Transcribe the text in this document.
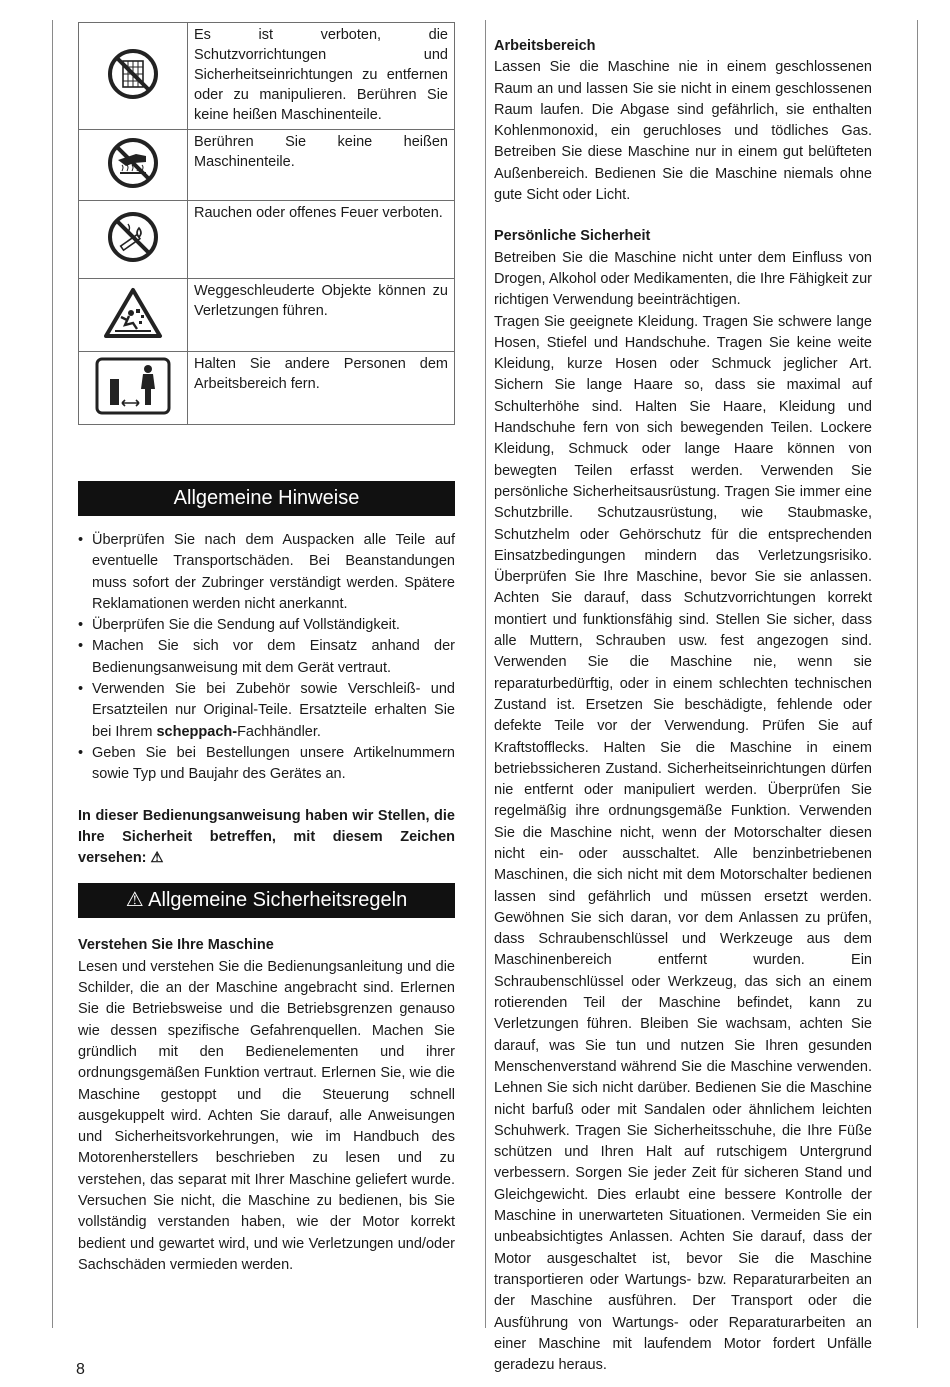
	Es ist verboten, die Schutzvorrichtungen und Sicherheitseinrichtungen zu entfernen oder zu manipulieren. Berühren Sie keine heißen Maschinenteile.
	Berühren Sie keine heißen Maschinenteile.
	Rauchen oder offenes Feuer verboten.
	Weggeschleuderte Objekte können zu Verletzungen führen.
	Halten Sie andere Personen dem Arbeitsbereich fern.
Allgemeine Hinweise
• Überprüfen Sie nach dem Auspacken alle Teile auf eventuelle Transportschäden. Bei Beanstandungen muss sofort der Zubringer verständigt werden. Spätere Reklamationen werden nicht anerkannt.
• Überprüfen Sie die Sendung auf Vollständigkeit.
• Machen Sie sich vor dem Einsatz anhand der Bedienungsanweisung mit dem Gerät vertraut.
• Verwenden Sie bei Zubehör sowie Verschleiß- und Ersatzteilen nur Original-Teile. Ersatzteile erhalten Sie bei Ihrem scheppach-Fachhändler.
• Geben Sie bei Bestellungen unsere Artikelnummern sowie Typ und Baujahr des Gerätes an.
In dieser Bedienungsanweisung haben wir Stellen, die Ihre Sicherheit betreffen, mit diesem Zeichen versehen: ⚠
⚠ Allgemeine Sicherheitsregeln
Verstehen Sie Ihre Maschine

Lesen und verstehen Sie die Bedienungsanleitung und die Schilder, die an der Maschine angebracht sind. Erlernen Sie die Betriebsweise und die Betriebsgrenzen genauso wie dessen spezifische Gefahrenquellen. Machen Sie gründlich mit den Bedienelementen und ihrer ordnungsgemäßen Funktion vertraut. Erlernen Sie, wie die Maschine gestoppt und die Steuerung schnell ausgekuppelt wird. Achten Sie darauf, alle Anweisungen und Sicherheitsvorkehrungen, wie im Handbuch des Motorenherstellers beschrieben zu lesen und zu verstehen, das separat mit Ihrer Maschine geliefert wurde. Versuchen Sie nicht, die Maschine zu bedienen, bis Sie vollständig verstanden haben, wie der Motor korrekt bedient und gewartet wird, und wie Verletzungen und/oder Sachschäden vermieden werden.

Arbeitsbereich

Lassen Sie die Maschine nie in einem geschlossenen Raum an und lassen Sie sie nicht in einem geschlossenen Raum laufen. Die Abgase sind gefährlich, sie enthalten Kohlenmonoxid, ein geruchloses und tödliches Gas. Betreiben Sie diese Maschine nur in einem gut belüfteten Außenbereich. Bedienen Sie die Maschine niemals ohne gute Sicht oder Licht.

Persönliche Sicherheit

Betreiben Sie die Maschine nicht unter dem Einfluss von Drogen, Alkohol oder Medikamenten, die Ihre Fähigkeit zur richtigen Verwendung beeinträchtigen.

Tragen Sie geeignete Kleidung. Tragen Sie schwere lange Hosen, Stiefel und Handschuhe. Tragen Sie keine weite Kleidung, kurze Hosen oder Schmuck jeglicher Art. Sichern Sie lange Haare so, dass sie maximal auf Schulterhöhe sind. Halten Sie Haare, Kleidung und Handschuhe fern von sich bewegenden Teilen. Lockere Kleidung, Schmuck oder lange Haare können von bewegten Teilen erfasst werden. Verwenden Sie persönliche Sicherheitsausrüstung. Tragen Sie immer eine Schutzbrille. Schutzausrüstung, wie Staubmaske, Schutzhelm oder Gehörschutz für die entsprechenden Einsatzbedingungen mindern das Verletzungsrisiko. Überprüfen Sie Ihre Maschine, bevor Sie sie anlassen. Achten Sie darauf, dass Schutzvorrichtungen korrekt montiert und funktionsfähig sind. Stellen Sie sicher, dass alle Muttern, Schrauben usw. fest angezogen sind. Verwenden Sie die Maschine nie, wenn sie reparaturbedürftig, oder in einem schlechten technischen Zustand ist. Ersetzen Sie beschädigte, fehlende oder defekte Teile vor der Verwendung. Prüfen Sie auf Kraftstofflecks. Halten Sie die Maschine in einem betriebssicheren Zustand. Sicherheitseinrichtungen dürfen nie entfernt oder manipuliert werden. Überprüfen Sie regelmäßig ihre ordnungsgemäße Funktion. Verwenden Sie die Maschine nicht, wenn der Motorschalter diesen nicht ein- oder ausschaltet. Alle benzinbetriebenen Maschinen, die sich nicht mit dem Motorschalter bedienen lassen sind gefährlich und müssen ersetzt werden. Gewöhnen Sie sich daran, vor dem Anlassen zu prüfen, dass Schraubenschlüssel und Werkzeuge aus dem Maschinenbereich entfernt wurden. Ein Schraubenschlüssel oder Werkzeug, das sich an einem rotierenden Teil der Maschine befindet, kann zu Verletzungen führen. Bleiben Sie wachsam, achten Sie darauf, was Sie tun und nutzen Sie Ihren gesunden Menschenverstand während Sie die Maschine verwenden. Lehnen Sie sich nicht darüber. Bedienen Sie die Maschine nicht barfuß oder mit Sandalen oder ähnlichem leichten Schuhwerk. Tragen Sie Sicherheitsschuhe, die Ihre Füße schützen und Ihren Halt auf rutschigem Untergrund verbessern. Sorgen Sie jeder Zeit für sicheren Stand und Gleichgewicht. Dies erlaubt eine bessere Kontrolle der Maschine in unerwarteten Situationen. Vermeiden Sie ein unbeabsichtigtes Anlassen. Achten Sie darauf, dass der Motor ausgeschaltet ist, bevor Sie die Maschine transportieren oder Wartungs- bzw. Reparaturarbeiten an der Maschine ausführen. Der Transport oder die Ausführung von Wartungs- oder Reparaturarbeiten an einer Maschine mit laufendem Motor fordert Unfälle geradezu heraus.

8
